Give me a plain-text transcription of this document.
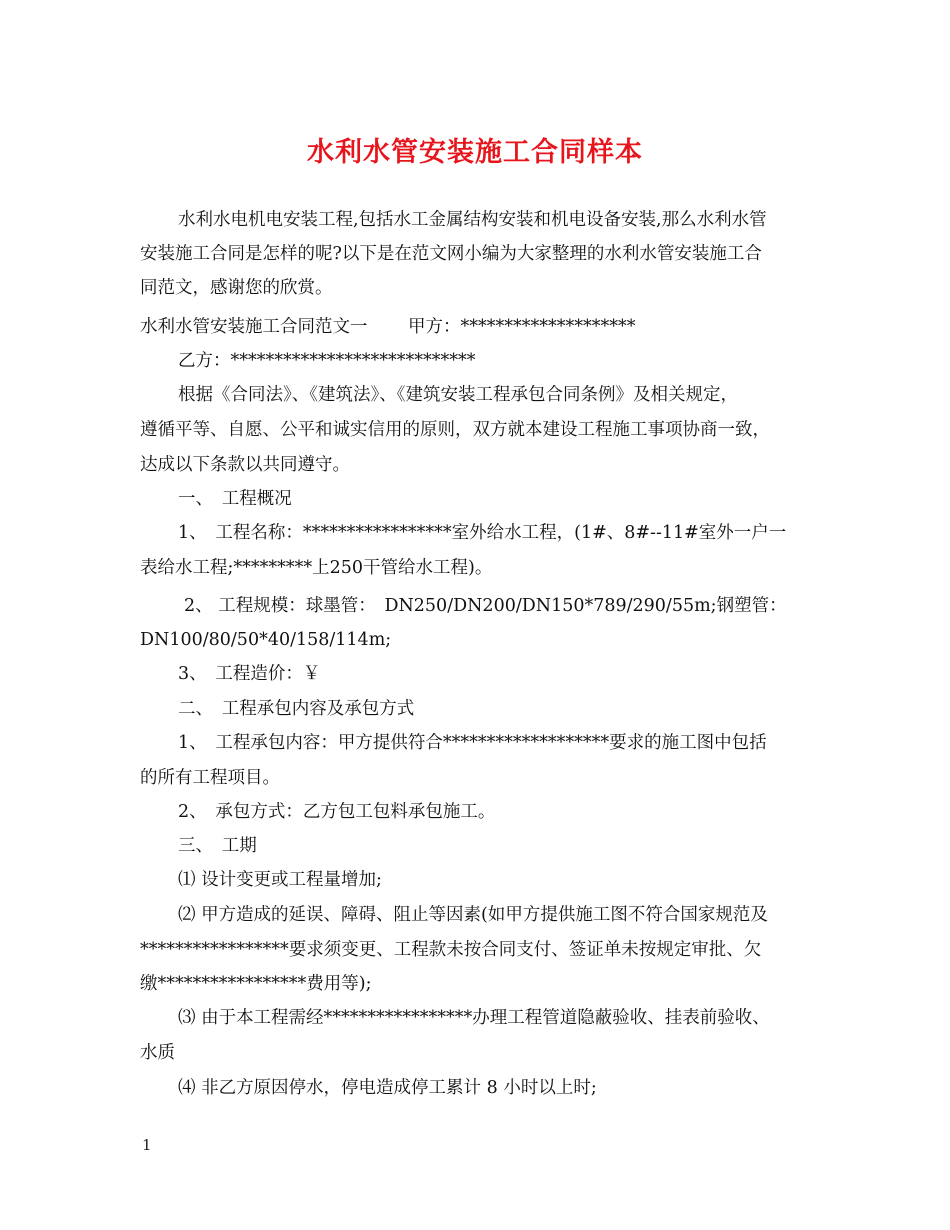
水利水管安装施工合同样本
水利水电机电安装工程,包括水工金属结构安装和机电设备安装,那么水利水管
安装施工合同是怎样的呢?以下是在范文网小编为大家整理的水利水管安装施工合
同范文，感谢您的欣赏。
水利水管安装施工合同范文一　　 甲方：********************
乙方：****************************
根据《合同法》、《建筑法》、《建筑安装工程承包合同条例》及相关规定，
遵循平等、自愿、公平和诚实信用的原则，双方就本建设工程施工事项协商一致，
达成以下条款以共同遵守。
一、　工程概况
1、　工程名称：*****************室外给水工程，(1#、8#--11#室外一户一
表给水工程;*********上250干管给水工程)。
2、 工程规模：球墨管：　DN250/DN200/DN150*789/290/55m;钢塑管：
DN100/80/50*40/158/114m;
3、　工程造价：￥
二、　工程承包内容及承包方式
1、　工程承包内容：甲方提供符合*******************要求的施工图中包括
的所有工程项目。
2、　承包方式：乙方包工包料承包施工。
三、　工期
⑴ 设计变更或工程量增加;
⑵ 甲方造成的延误、障碍、阻止等因素(如甲方提供施工图不符合国家规范及
*****************要求须变更、工程款未按合同支付、签证单未按规定审批、欠
缴*****************费用等);
⑶ 由于本工程需经*****************办理工程管道隐蔽验收、挂表前验收、
水质
⑷ 非乙方原因停水，停电造成停工累计 8 小时以上时;
1
